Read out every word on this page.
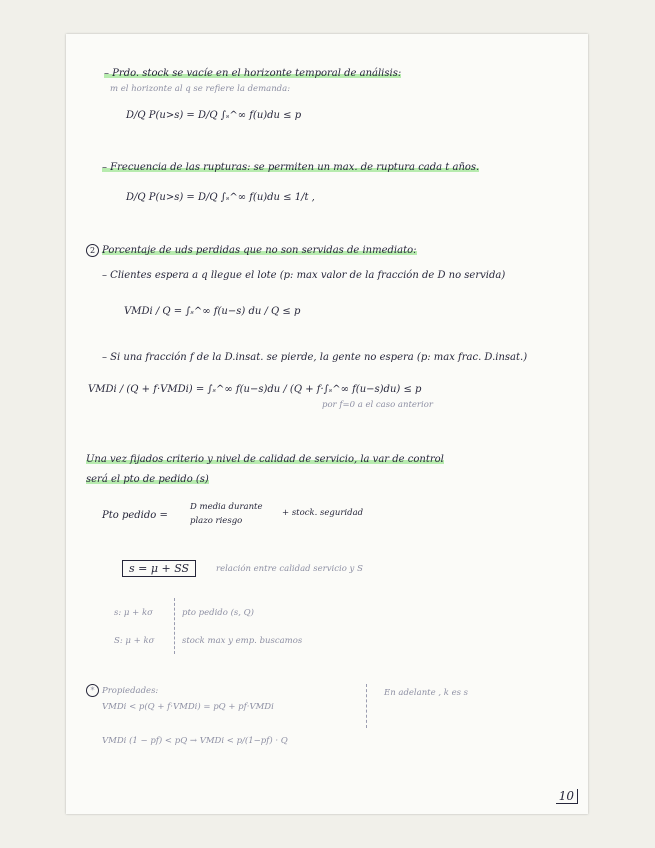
– Prdo. stock se vacíe en el horizonte temporal de análisis:
m el horizonte al q se refiere la demanda:
D/Q P(u>s) = D/Q ∫ₛ^∞ f(u)du ≤ p
– Frecuencia de las rupturas: se permiten un max. de ruptura cada t años.
D/Q P(u>s) = D/Q ∫ₛ^∞ f(u)du ≤ 1/t ,
2 Porcentaje de uds perdidas que no son servidas de inmediato:
– Clientes espera a q llegue el lote (p: max valor de la fracción de D no servida)
VMDi / Q = ∫ₛ^∞ f(u−s) du / Q ≤ p
– Si una fracción f de la D.insat. se pierde, la gente no espera (p: max frac. D.insat.)
VMDi / (Q + f·VMDi) = ∫ₛ^∞ f(u−s)du / (Q + f·∫ₛ^∞ f(u−s)du) ≤ p
por f=0 a el caso anterior
Una vez fijados criterio y nivel de calidad de servicio, la var de control
será el pto de pedido (s)
Pto pedido =
D media durante
plazo riesgo
+ stock. seguridad
s = μ + SS	relación entre calidad servicio y S
s: μ + kσ	pto pedido (s, Q)
S: μ + kσ	stock max y emp. buscamos
* Propiedades:	En adelante , k es s
VMDi < p(Q + f·VMDi) = pQ + pf·VMDi
VMDi (1 − pf) < pQ → VMDi < p/(1−pf) · Q
10
